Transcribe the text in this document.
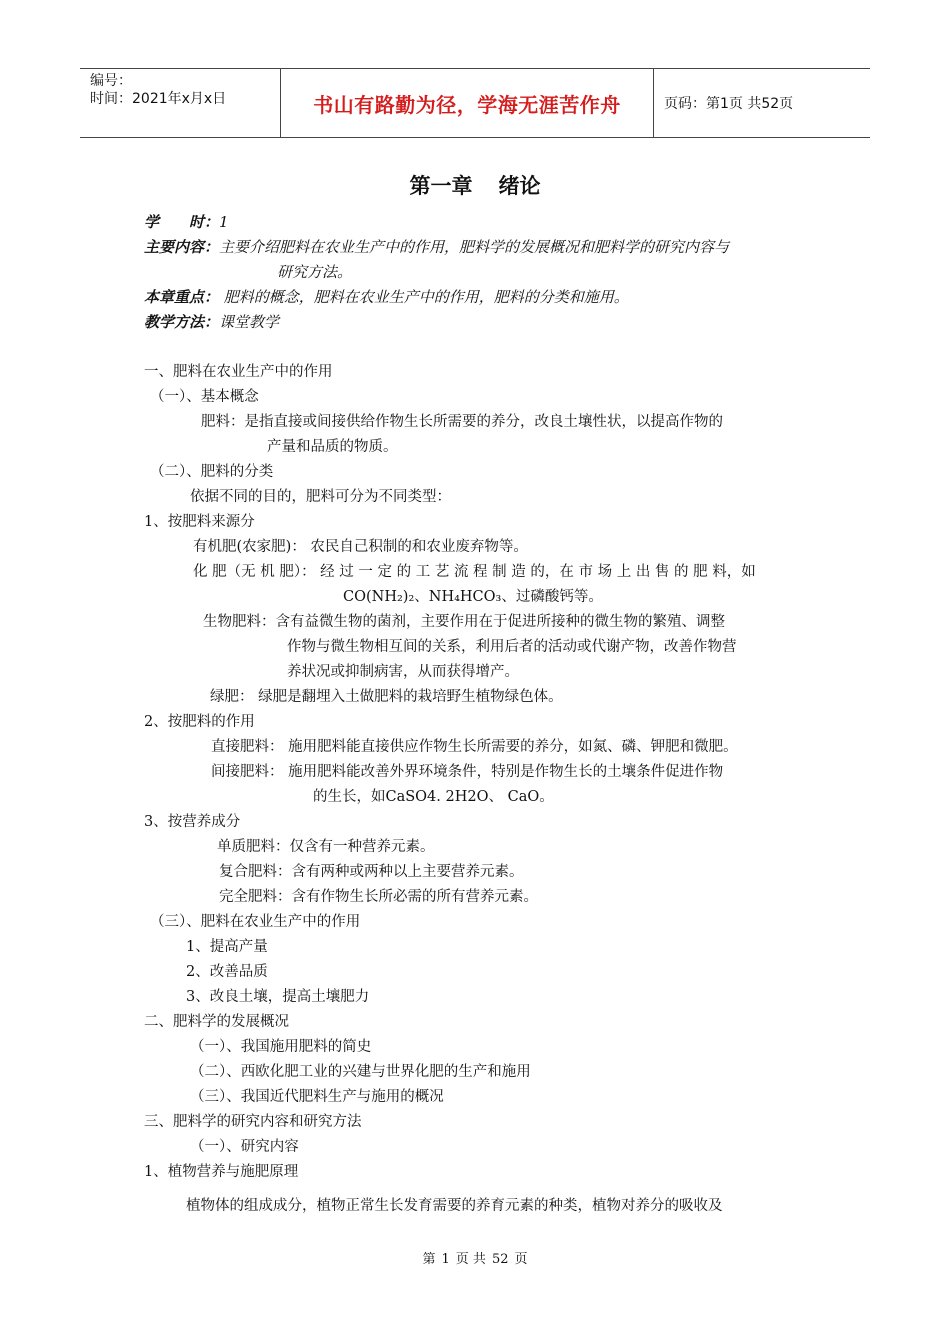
编号：
时间：2021年x月x日	书山有路勤为径，学海无涯苦作舟	页码：第1页 共52页
第一章 绪论
学　　时：1
主要内容：主要介绍肥料在农业生产中的作用，肥料学的发展概况和肥料学的研究内容与
研究方法。
本章重点： 肥料的概念，肥料在农业生产中的作用，肥料的分类和施用。
教学方法：课堂教学
一、肥料在农业生产中的作用
（一）、基本概念
肥料：是指直接或间接供给作物生长所需要的养分，改良土壤性状，以提高作物的
产量和品质的物质。
（二）、肥料的分类
依据不同的目的，肥料可分为不同类型：
1、按肥料来源分
有机肥(农家肥)： 农民自己积制的和农业废弃物等。
化 肥（无 机 肥）： 经 过 一 定 的 工 艺 流 程 制 造 的，在 市 场 上 出 售 的 肥 料，如
CO(NH₂)₂、NH₄HCO₃、过磷酸钙等。
生物肥料：含有益微生物的菌剂，主要作用在于促进所接种的微生物的繁殖、调整
作物与微生物相互间的关系，利用后者的活动或代谢产物，改善作物营
养状况或抑制病害，从而获得增产。
绿肥： 绿肥是翻埋入土做肥料的栽培野生植物绿色体。
2、按肥料的作用
直接肥料： 施用肥料能直接供应作物生长所需要的养分，如氮、磷、钾肥和微肥。
间接肥料： 施用肥料能改善外界环境条件，特别是作物生长的土壤条件促进作物
的生长，如CaSO4. 2H2O、 CaO。
3、按营养成分
单质肥料：仅含有一种营养元素。
复合肥料：含有两种或两种以上主要营养元素。
完全肥料：含有作物生长所必需的所有营养元素。
（三）、肥料在农业生产中的作用
1、提高产量
2、改善品质
3、改良土壤，提高土壤肥力
二、肥料学的发展概况
（一）、我国施用肥料的简史
（二）、西欧化肥工业的兴建与世界化肥的生产和施用
（三）、我国近代肥料生产与施用的概况
三、肥料学的研究内容和研究方法
（一）、研究内容
1、植物营养与施肥原理
植物体的组成成分，植物正常生长发育需要的养育元素的种类，植物对养分的吸收及
第 1 页 共 52 页
